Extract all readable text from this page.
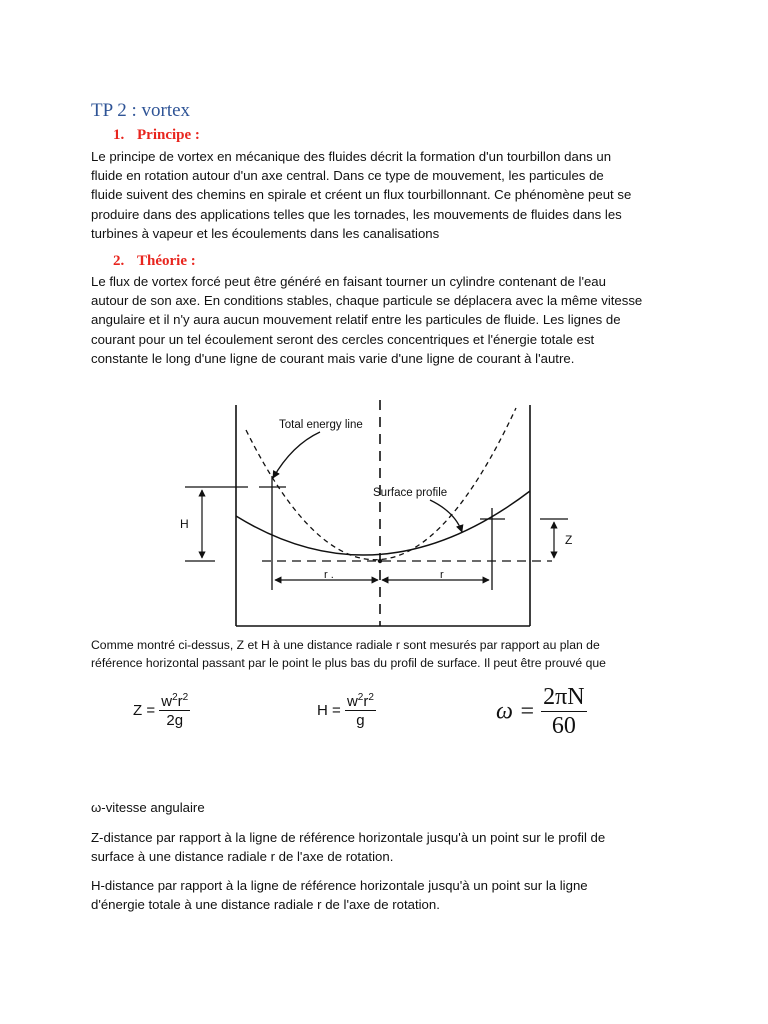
TP 2 : vortex
1. Principe :
Le principe de vortex en mécanique des fluides décrit la formation d'un tourbillon dans un
fluide en rotation autour d'un axe central. Dans ce type de mouvement, les particules de
fluide suivent des chemins en spirale et créent un flux tourbillonnant. Ce phénomène peut se
produire dans des applications telles que les tornades, les mouvements de fluides dans les
turbines à vapeur et les écoulements dans les canalisations
2. Théorie :
Le flux de vortex forcé peut être généré en faisant tourner un cylindre contenant de l'eau
autour de son axe. En conditions stables, chaque particule se déplacera avec la même vitesse
angulaire et il n'y aura aucun mouvement relatif entre les particules de fluide. Les lignes de
courant pour un tel écoulement seront des cercles concentriques et l'énergie totale est
constante le long d'une ligne de courant mais varie d'une ligne de courant à l'autre.
Total energy line
Surface profile
H
Z
r .	r
Comme montré ci-dessus, Z et H à une distance radiale r sont mesurés par rapport au plan de
référence horizontal passant par le point le plus bas du profil de surface. Il peut être prouvé que
$Z = \frac{w^2r^2}{2g}$	$H = \frac{w^2r^2}{g}$	$\omega = \frac{2\pi N}{60}$
ω-vitesse angulaire
Z-distance par rapport à la ligne de référence horizontale jusqu'à un point sur le profil de
surface à une distance radiale r de l'axe de rotation.
H-distance par rapport à la ligne de référence horizontale jusqu'à un point sur la ligne
d'énergie totale à une distance radiale r de l'axe de rotation.
